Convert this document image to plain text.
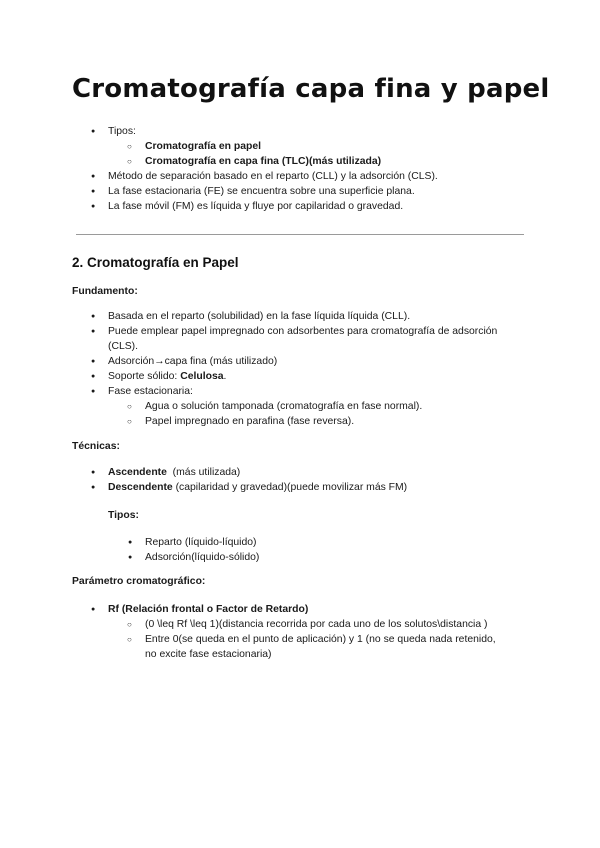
Cromatografía capa fina y papel
● Tipos:
○ Cromatografía en papel
○ Cromatografía en capa fina (TLC)(más utilizada)
● Método de separación basado en el reparto (CLL) y la adsorción (CLS).
● La fase estacionaria (FE) se encuentra sobre una superficie plana.
● La fase móvil (FM) es líquida y fluye por capilaridad o gravedad.
2. Cromatografía en Papel

Fundamento:

● Basada en el reparto (solubilidad) en la fase líquida líquida (CLL).
● Puede emplear papel impregnado con adsorbentes para cromatografía de adsorción
(CLS).
● Adsorción→capa fina (más utilizado)
● Soporte sólido: Celulosa.
● Fase estacionaria:
○ Agua o solución tamponada (cromatografía en fase normal).
○ Papel impregnado en parafina (fase reversa).

Técnicas:

● Ascendente  (más utilizada)
● Descendente (capilaridad y gravedad)(puede movilizar más FM)

Tipos:

● Reparto (líquido-líquido)
● Adsorción(líquido-sólido)

Parámetro cromatográfico:

● Rf (Relación frontal o Factor de Retardo)
○ (0 \leq Rf \leq 1)(distancia recorrida por cada uno de los solutos\distancia )
○ Entre 0(se queda en el punto de aplicación) y 1 (no se queda nada retenido,
no excite fase estacionaria)
